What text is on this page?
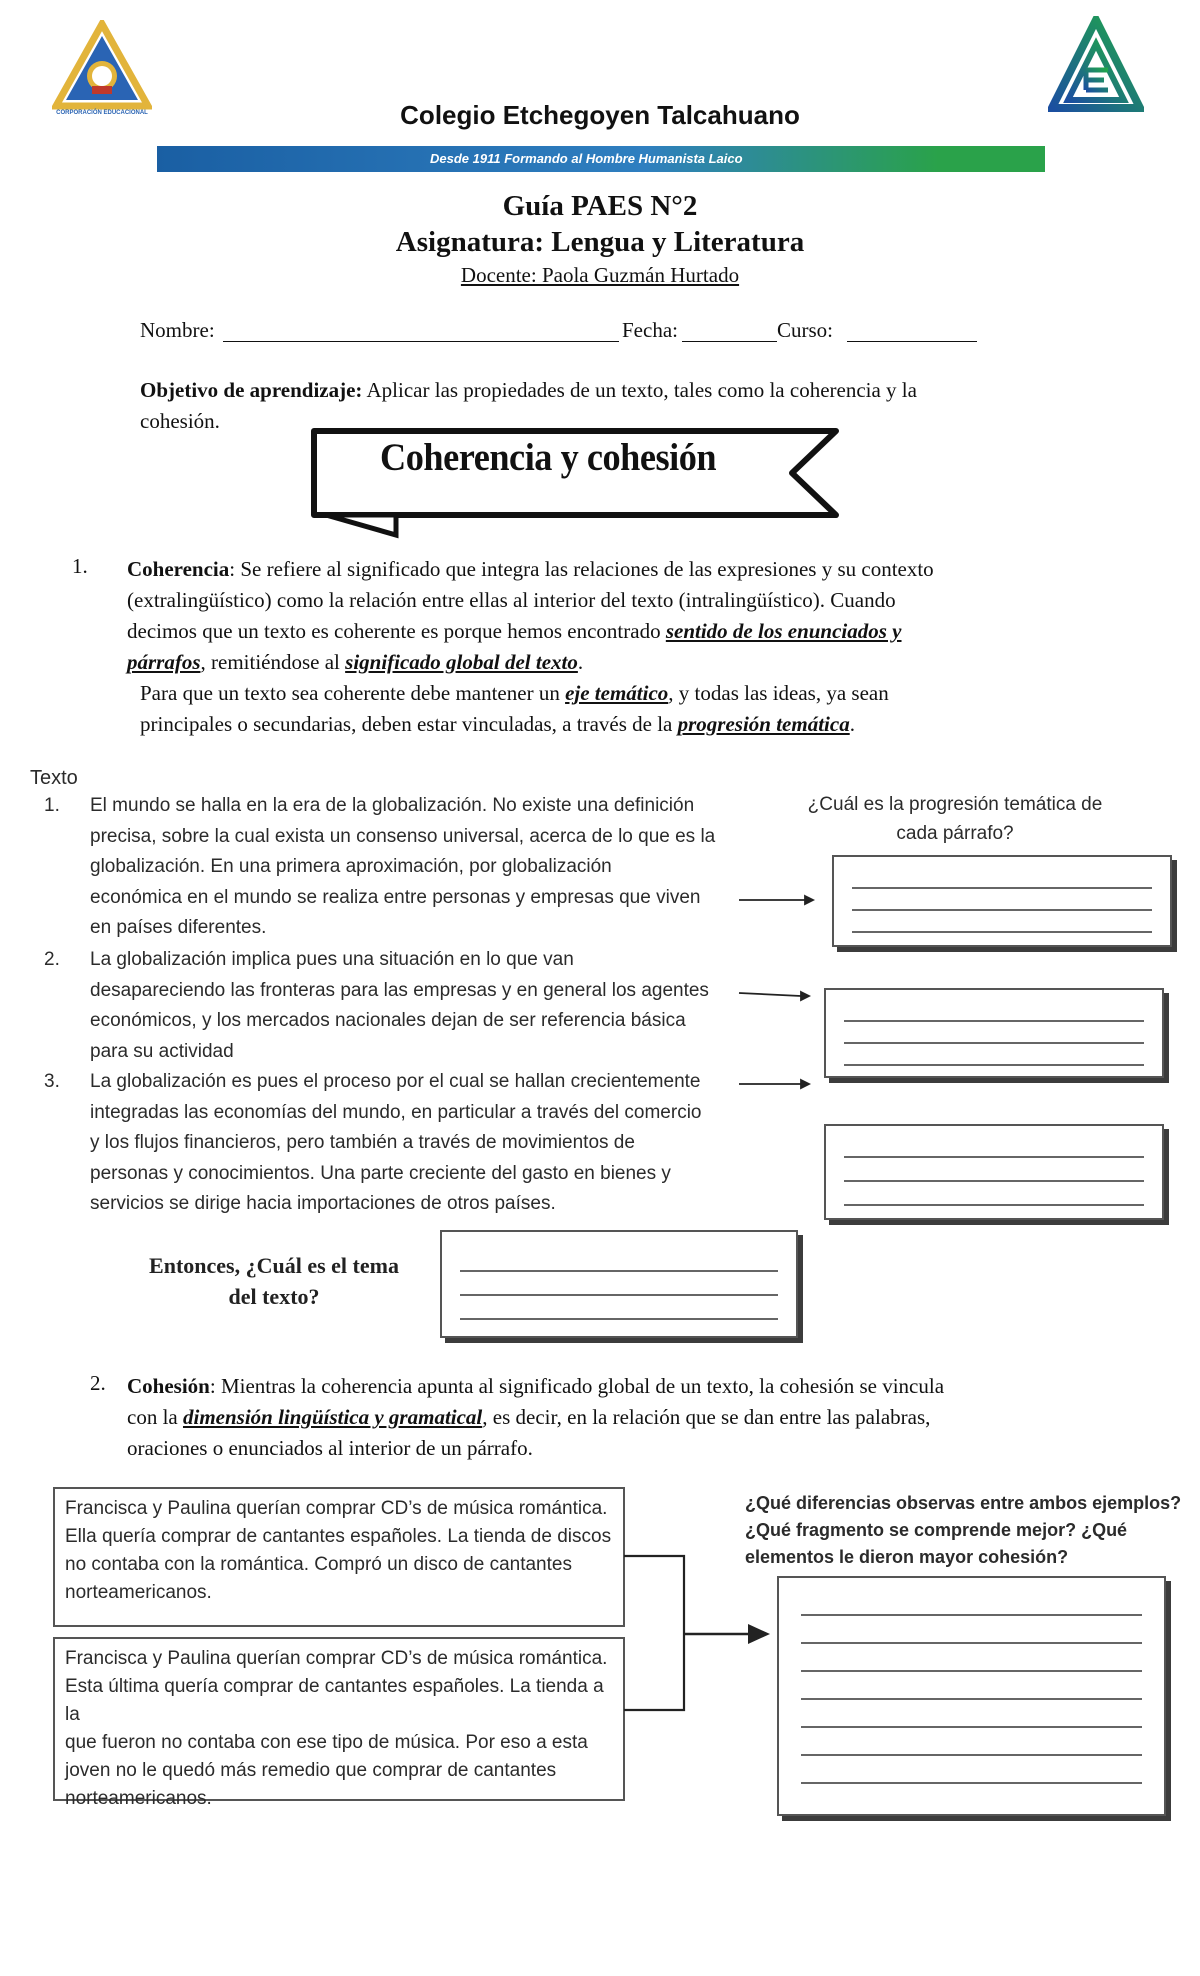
CORPORACIÓN EDUCACIONAL	Colegio Etchegoyen Talcahuano
Desde 1911 Formando al Hombre Humanista Laico
Guía PAES N°2
Asignatura: Lengua y Literatura
Docente: Paola Guzmán Hurtado
Nombre:	Fecha:	Curso:
Objetivo de aprendizaje: Aplicar las propiedades de un texto, tales como la coherencia y la
cohesión.
Coherencia y cohesión
1. Coherencia: Se refiere al significado que integra las relaciones de las expresiones y su contexto
(extralingüístico) como la relación entre ellas al interior del texto (intralingüístico). Cuando
decimos que un texto es coherente es porque hemos encontrado sentido de los enunciados y
párrafos, remitiéndose al significado global del texto.
Para que un texto sea coherente debe mantener un eje temático, y todas las ideas, ya sean
principales o secundarias, deben estar vinculadas, a través de la progresión temática.
Texto
1. El mundo se halla en la era de la globalización. No existe una definición
precisa, sobre la cual exista un consenso universal, acerca de lo que es la
globalización. En una primera aproximación, por globalización
económica en el mundo se realiza entre personas y empresas que viven
en países diferentes.
2. La globalización implica pues una situación en lo que van
desapareciendo las fronteras para las empresas y en general los agentes
económicos, y los mercados nacionales dejan de ser referencia básica
para su actividad
3. La globalización es pues el proceso por el cual se hallan crecientemente
integradas las economías del mundo, en particular a través del comercio
y los flujos financieros, pero también a través de movimientos de
personas y conocimientos. Una parte creciente del gasto en bienes y
servicios se dirige hacia importaciones de otros países.
¿Cuál es la progresión temática de
cada párrafo?
Entonces, ¿Cuál es el tema
del texto?
2. Cohesión: Mientras la coherencia apunta al significado global de un texto, la cohesión se vincula
con la dimensión lingüística y gramatical, es decir, en la relación que se dan entre las palabras,
oraciones o enunciados al interior de un párrafo.
Francisca y Paulina querían comprar CD’s de música romántica.
Ella quería comprar de cantantes españoles. La tienda de discos
no contaba con la romántica. Compró un disco de cantantes
norteamericanos.
Francisca y Paulina querían comprar CD’s de música romántica.
Esta última quería comprar de cantantes españoles. La tienda a la
que fueron no contaba con ese tipo de música. Por eso a esta
joven no le quedó más remedio que comprar de cantantes
norteamericanos.
¿Qué diferencias observas entre ambos ejemplos?
¿Qué fragmento se comprende mejor? ¿Qué
elementos le dieron mayor cohesión?
